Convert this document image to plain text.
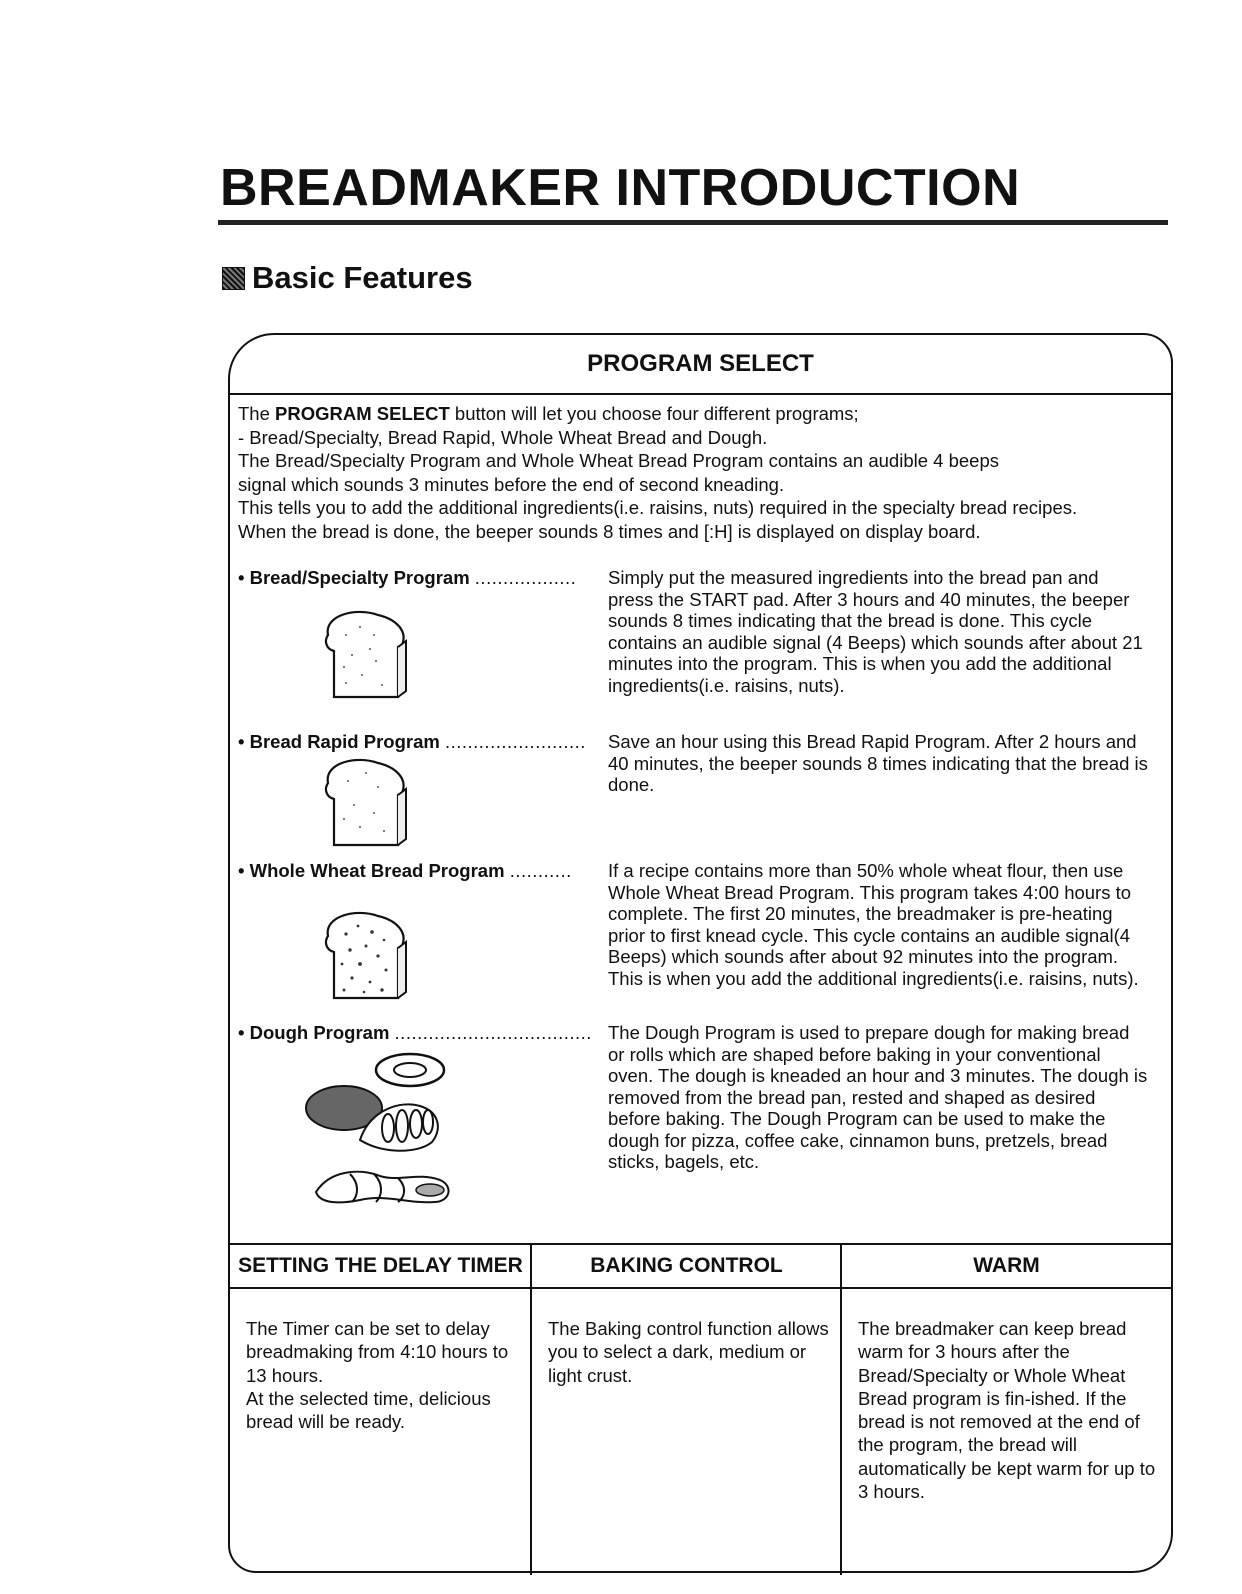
BREADMAKER INTRODUCTION
Basic Features
PROGRAM SELECT

The PROGRAM SELECT button will let you choose four different programs;

- Bread/Specialty, Bread Rapid, Whole Wheat Bread and Dough.

The Bread/Specialty Program and Whole Wheat Bread Program contains an audible 4 beeps

signal which sounds 3 minutes before the end of second kneading.

This tells you to add the additional ingredients(i.e. raisins, nuts) required in the specialty bread recipes.

When the bread is done, the beeper sounds 8 times and [:H] is displayed on display board.

• Bread/Specialty Program ..................	Simply put the measured ingredients into the bread pan and press the START pad. After 3 hours and 40 minutes, the beeper sounds 8 times indicating that the bread is done. This cycle contains an audible signal (4 Beeps) which sounds after about 21 minutes into the program. This is when you add the additional ingredients(i.e. raisins, nuts).
• Bread Rapid Program .........................	Save an hour using this Bread Rapid Program. After 2 hours and 40 minutes, the beeper sounds 8 times indicating that the bread is done.
• Whole Wheat Bread Program ...........	If a recipe contains more than 50% whole wheat flour, then use Whole Wheat Bread Program. This program takes 4:00 hours to complete. The first 20 minutes, the breadmaker is pre-heating prior to first knead cycle. This cycle contains an audible signal(4 Beeps) which sounds after about 92 minutes into the program. This is when you add the additional ingredients(i.e. raisins, nuts).
• Dough Program ................................... The Dough Program is used to prepare dough for making bread or rolls which are shaped before baking in your conventional oven. The dough is kneaded an hour and 3 minutes. The dough is removed from the bread pan, rested and shaped as desired before baking. The Dough Program can be used to make the dough for pizza, coffee cake, cinnamon buns, pretzels, bread sticks, bagels, etc.
SETTING THE DELAY TIMER
The Timer can be set to delay breadmaking from 4:10 hours to 13 hours.
At the selected time, delicious bread will be ready.
BAKING CONTROL
The Baking control function allows you to select a dark, medium or light crust.
WARM
The breadmaker can keep bread warm for 3 hours after the Bread/Specialty or Whole Wheat Bread program is fin-ished. If the bread is not removed at the end of the program, the bread will automatically be kept warm for up to 3 hours.
